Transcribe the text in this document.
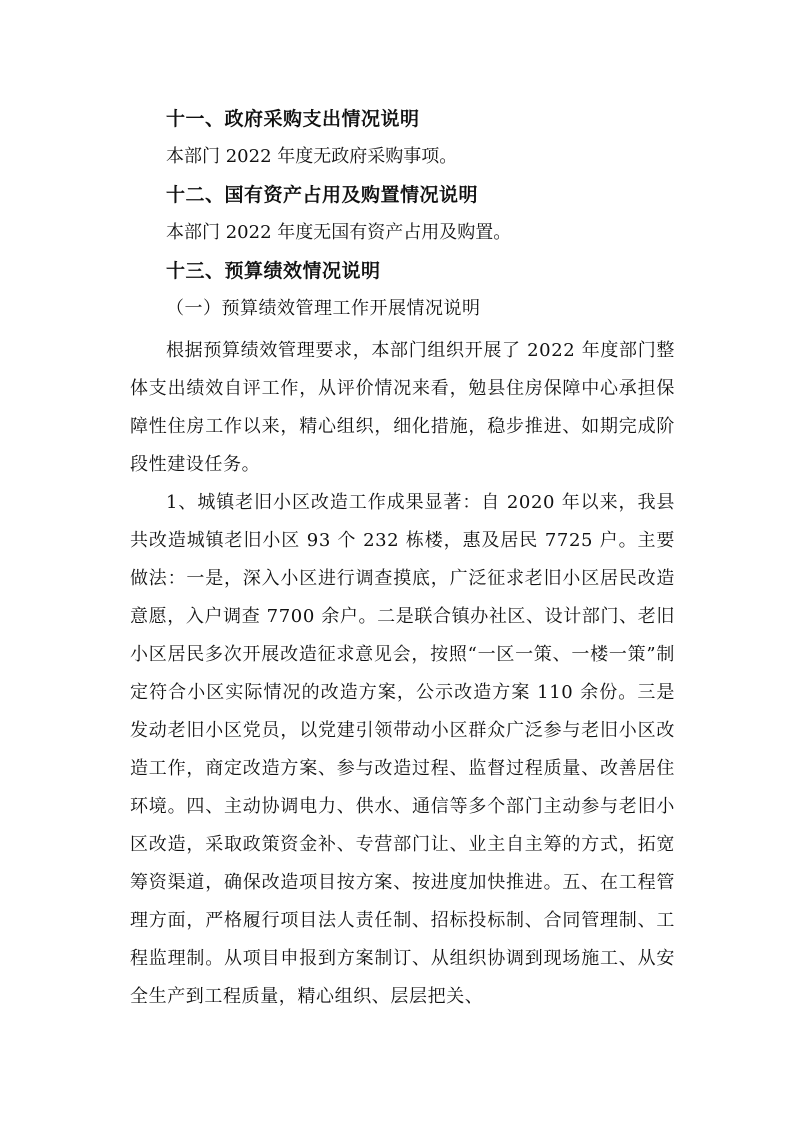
十一、政府采购支出情况说明
本部门 2022 年度无政府采购事项。
十二、国有资产占用及购置情况说明
本部门 2022 年度无国有资产占用及购置。
十三、预算绩效情况说明
（一）预算绩效管理工作开展情况说明

根据预算绩效管理要求，本部门组织开展了 2022 年度部门整体支出绩效自评工作，从评价情况来看，勉县住房保障中心承担保障性住房工作以来，精心组织，细化措施，稳步推进、如期完成阶段性建设任务。

1、城镇老旧小区改造工作成果显著：自 2020 年以来，我县共改造城镇老旧小区 93 个 232 栋楼，惠及居民 7725 户。主要做法：一是，深入小区进行调查摸底，广泛征求老旧小区居民改造意愿，入户调查 7700 余户。二是联合镇办社区、设计部门、老旧小区居民多次开展改造征求意见会，按照“一区一策、一楼一策”制定符合小区实际情况的改造方案，公示改造方案 110 余份。三是发动老旧小区党员，以党建引领带动小区群众广泛参与老旧小区改造工作，商定改造方案、参与改造过程、监督过程质量、改善居住环境。四、主动协调电力、供水、通信等多个部门主动参与老旧小区改造，采取政策资金补、专营部门让、业主自主筹的方式，拓宽筹资渠道，确保改造项目按方案、按进度加快推进。五、在工程管理方面，严格履行项目法人责任制、招标投标制、合同管理制、工程监理制。从项目申报到方案制订、从组织协调到现场施工、从安全生产到工程质量，精心组织、层层把关、
